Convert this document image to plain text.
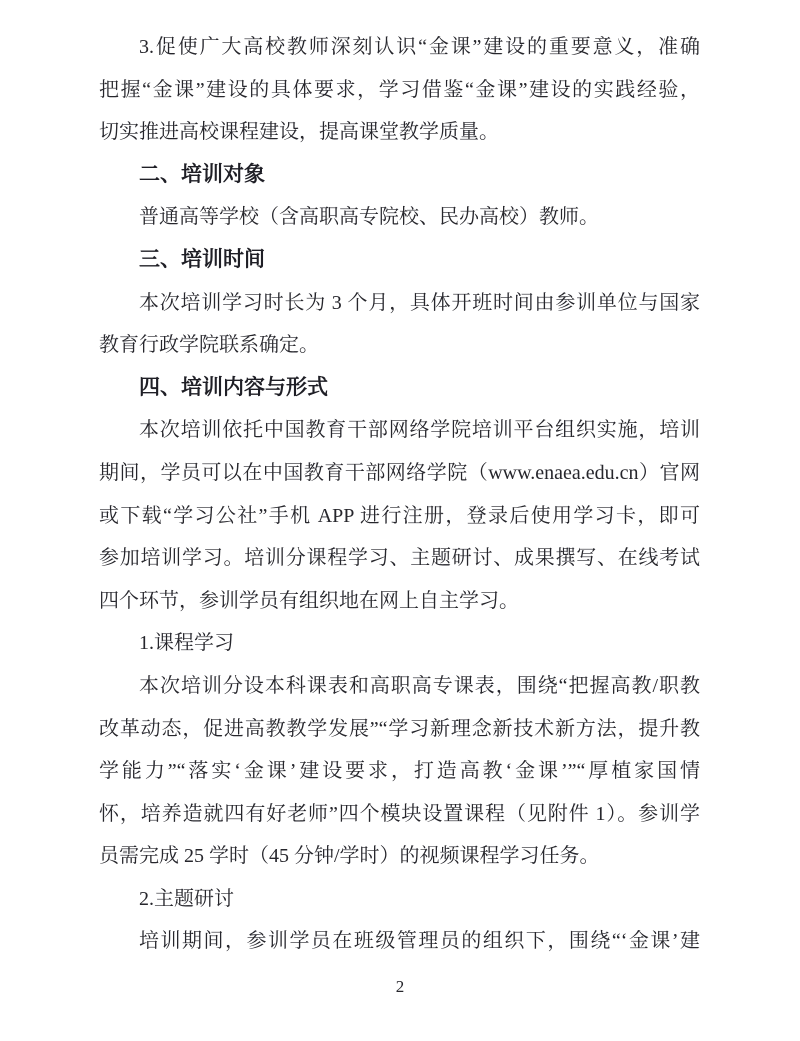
3.促使广大高校教师深刻认识“金课”建设的重要意义，准确
把握“金课”建设的具体要求，学习借鉴“金课”建设的实践经验，
切实推进高校课程建设，提高课堂教学质量。
二、培训对象
普通高等学校（含高职高专院校、民办高校）教师。
三、培训时间
本次培训学习时长为 3 个月，具体开班时间由参训单位与国家
教育行政学院联系确定。
四、培训内容与形式
本次培训依托中国教育干部网络学院培训平台组织实施，培训
期间，学员可以在中国教育干部网络学院（www.enaea.edu.cn）官网
或下载“学习公社”手机 APP 进行注册，登录后使用学习卡，即可
参加培训学习。培训分课程学习、主题研讨、成果撰写、在线考试
四个环节，参训学员有组织地在网上自主学习。
1.课程学习
本次培训分设本科课表和高职高专课表，围绕“把握高教/职教
改革动态，促进高教教学发展”“学习新理念新技术新方法，提升教
学能力”“落实‘金课’建设要求，打造高教‘金课’”“厚植家国情
怀，培养造就四有好老师”四个模块设置课程（见附件 1）。参训学
员需完成 25 学时（45 分钟/学时）的视频课程学习任务。
2.主题研讨
培训期间，参训学员在班级管理员的组织下，围绕“‘金课’建
2
